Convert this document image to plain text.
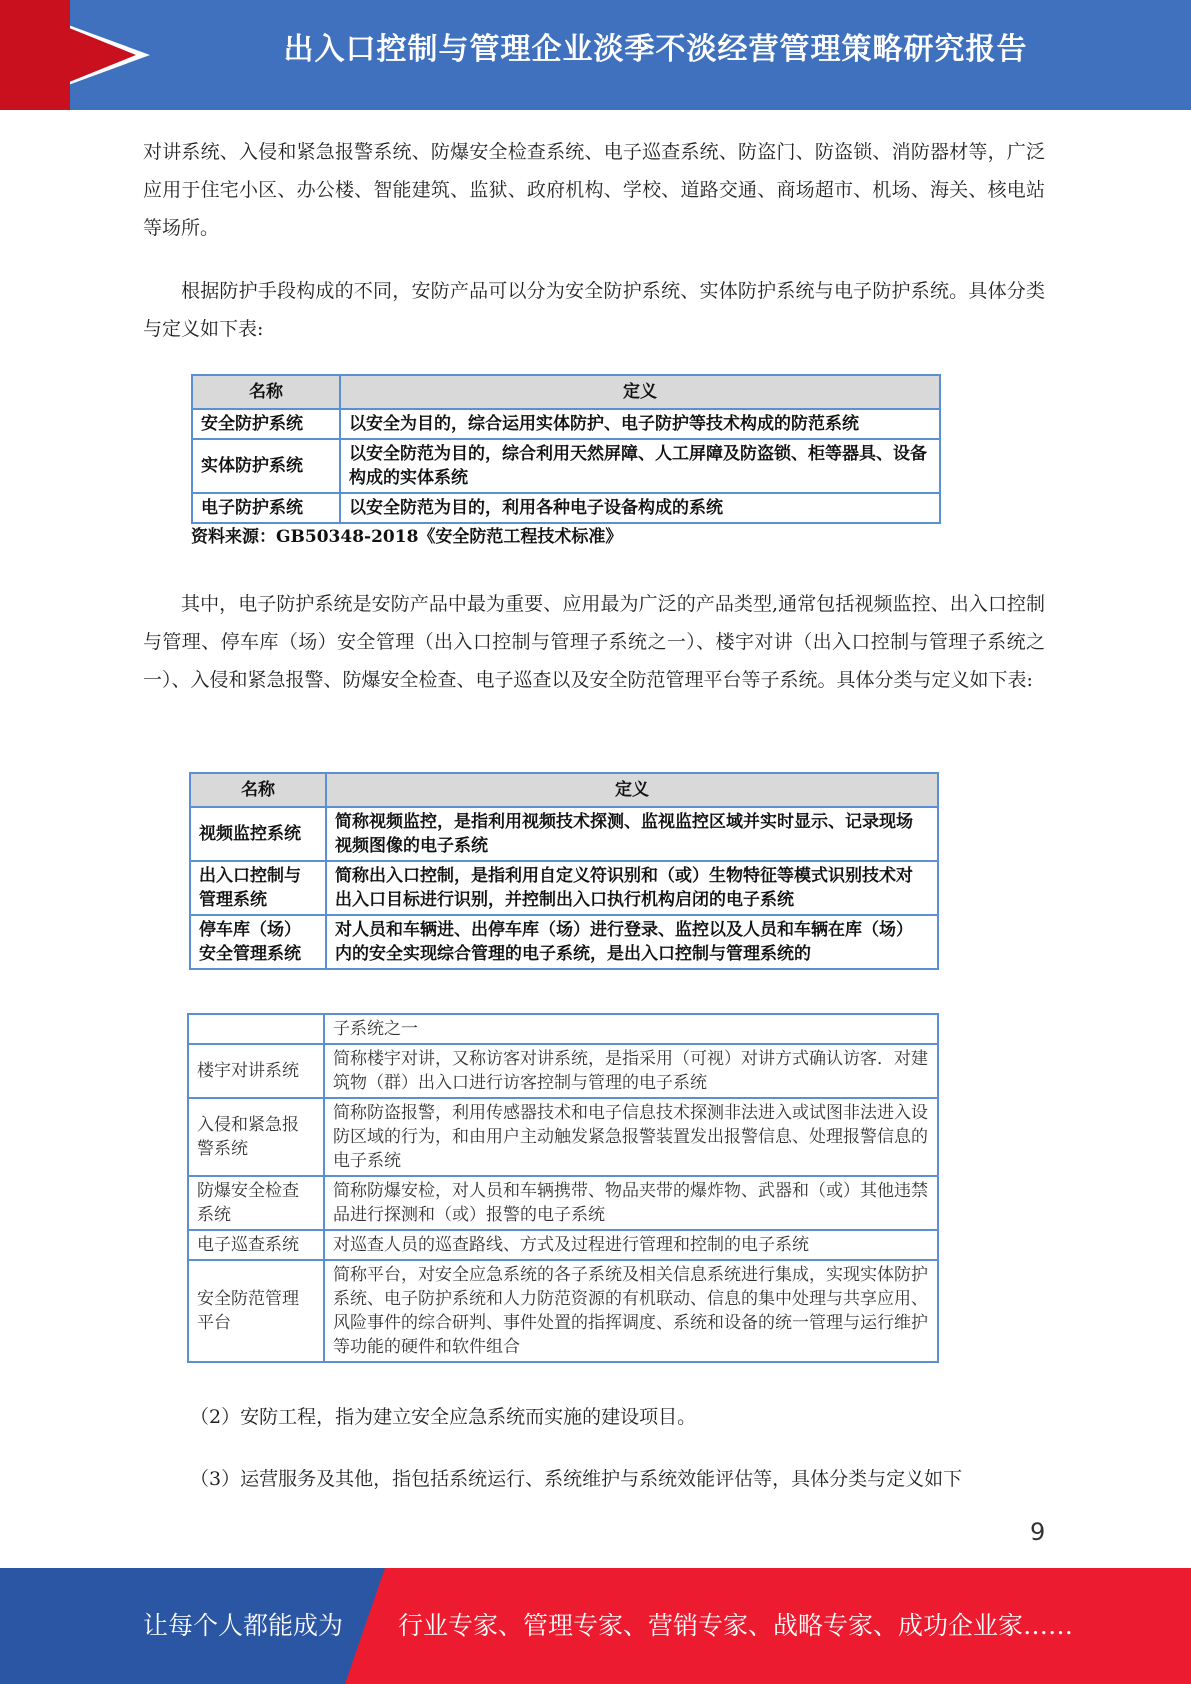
出入口控制与管理企业淡季不淡经营管理策略研究报告

对讲系统、入侵和紧急报警系统、防爆安全检查系统、电子巡查系统、防盗门、防盗锁、消防器材等，广泛应用于住宅小区、办公楼、智能建筑、监狱、政府机构、学校、道路交通、商场超市、机场、海关、核电站等场所。

根据防护手段构成的不同，安防产品可以分为安全防护系统、实体防护系统与电子防护系统。具体分类与定义如下表:

名称	定义
安全防护系统	以安全为目的，综合运用实体防护、电子防护等技术构成的防范系统
实体防护系统	以安全防范为目的，综合利用天然屏障、人工屏障及防盗锁、柜等器具、设备构成的实体系统
电子防护系统	以安全防范为目的，利用各种电子设备构成的系统
资料来源：GB50348-2018《安全防范工程技术标准》

其中，电子防护系统是安防产品中最为重要、应用最为广泛的产品类型,通常包括视频监控、出入口控制与管理、停车库（场）安全管理（出入口控制与管理子系统之一）、楼宇对讲（出入口控制与管理子系统之一）、入侵和紧急报警、防爆安全检查、电子巡查以及安全防范管理平台等子系统。具体分类与定义如下表:

名称	定义
视频监控系统	简称视频监控，是指利用视频技术探测、监视监控区域并实时显示、记录现场视频图像的电子系统
出入口控制与管理系统	简称出入口控制，是指利用自定义符识别和（或）生物特征等模式识别技术对出入口目标进行识别，并控制出入口执行机构启闭的电子系统
停车库（场）安全管理系统	对人员和车辆进、出停车库（场）进行登录、监控以及人员和车辆在库（场）内的安全实现综合管理的电子系统，是出入口控制与管理系统的
	子系统之一
楼宇对讲系统	简称楼宇对讲，又称访客对讲系统，是指采用（可视）对讲方式确认访客．对建筑物（群）出入口进行访客控制与管理的电子系统
入侵和紧急报警系统	简称防盗报警，利用传感器技术和电子信息技术探测非法进入或试图非法进入设防区域的行为，和由用户主动触发紧急报警装置发出报警信息、处理报警信息的电子系统
防爆安全检查系统	简称防爆安检，对人员和车辆携带、物品夹带的爆炸物、武器和（或）其他违禁品进行探测和（或）报警的电子系统
电子巡查系统	对巡查人员的巡查路线、方式及过程进行管理和控制的电子系统
安全防范管理平台	简称平台，对安全应急系统的各子系统及相关信息系统进行集成，实现实体防护系统、电子防护系统和人力防范资源的有机联动、信息的集中处理与共享应用、风险事件的综合研判、事件处置的指挥调度、系统和设备的统一管理与运行维护等功能的硬件和软件组合

（2）安防工程，指为建立安全应急系统而实施的建设项目。

（3）运营服务及其他，指包括系统运行、系统维护与系统效能评估等，具体分类与定义如下

9
让每个人都能成为 行业专家、管理专家、营销专家、战略专家、成功企业家……
